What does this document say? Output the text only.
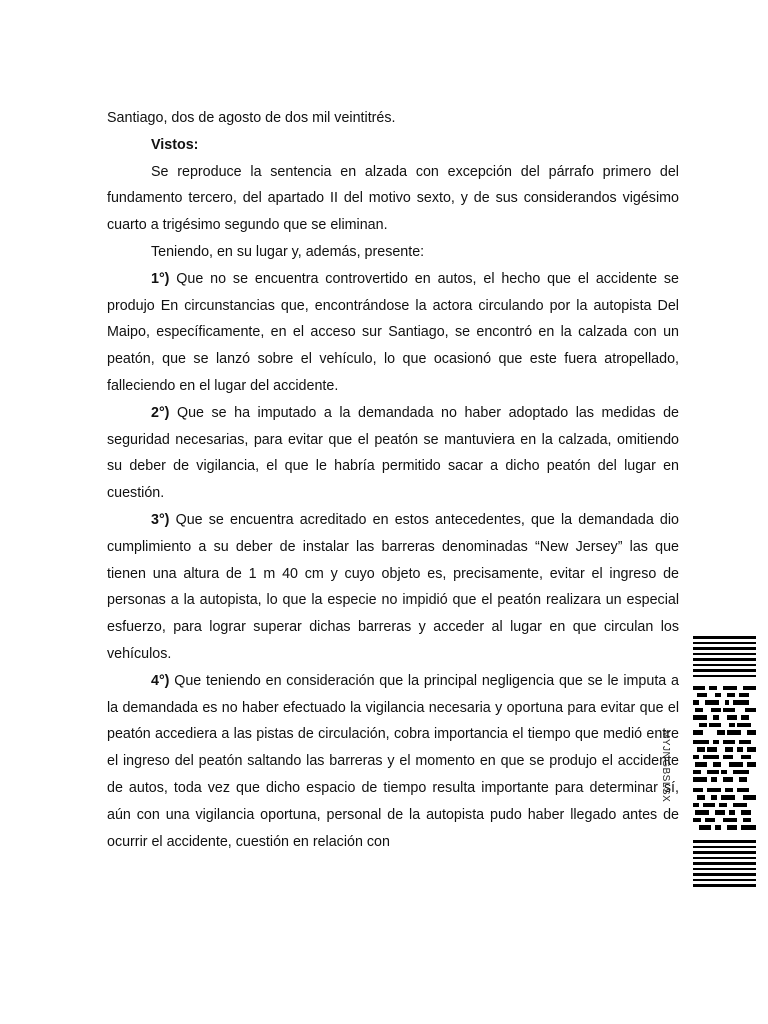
Santiago, dos de agosto de dos mil veintitrés.

Vistos:

Se reproduce la sentencia en alzada con excepción del párrafo primero del fundamento tercero, del apartado II del motivo sexto, y de sus considerandos vigésimo cuarto a trigésimo segundo que se eliminan.

Teniendo, en su lugar y, además, presente:

1°) Que no se encuentra controvertido en autos, el hecho que el accidente se produjo En circunstancias que, encontrándose la actora circulando por la autopista Del Maipo, específicamente, en el acceso sur Santiago, se encontró en la calzada con un peatón, que se lanzó sobre el vehículo, lo que ocasionó que este fuera atropellado, falleciendo en el lugar del accidente.

2°) Que se ha imputado a la demandada no haber adoptado las medidas de seguridad necesarias, para evitar que el peatón se mantuviera en la calzada, omitiendo su deber de vigilancia, el que le habría permitido sacar a dicho peatón del lugar en cuestión.

3°) Que se encuentra acreditado en estos antecedentes, que la demandada dio cumplimiento a su deber de instalar las barreras denominadas “New Jersey” las que tienen una altura de 1 m 40 cm y cuyo objeto es, precisamente, evitar el ingreso de personas a la autopista, lo que la especie no impidió que el peatón realizara un especial esfuerzo, para lograr superar dichas barreras y acceder al lugar en que circulan los vehículos.

4°) Que teniendo en consideración que la principal negligencia que se le imputa a la demandada es no haber efectuado la vigilancia necesaria y oportuna para evitar que el peatón accediera a las pistas de circulación, cobra importancia el tiempo que medió entre el ingreso del peatón saltando las barreras y el momento en que se produjo el accidente de autos, toda vez que dicho espacio de tiempo resulta importante para determinar sí, aún con una vigilancia oportuna, personal de la autopista pudo haber llegado antes de ocurrir el accidente, cuestión en relación con

MYJNGBSLSX
